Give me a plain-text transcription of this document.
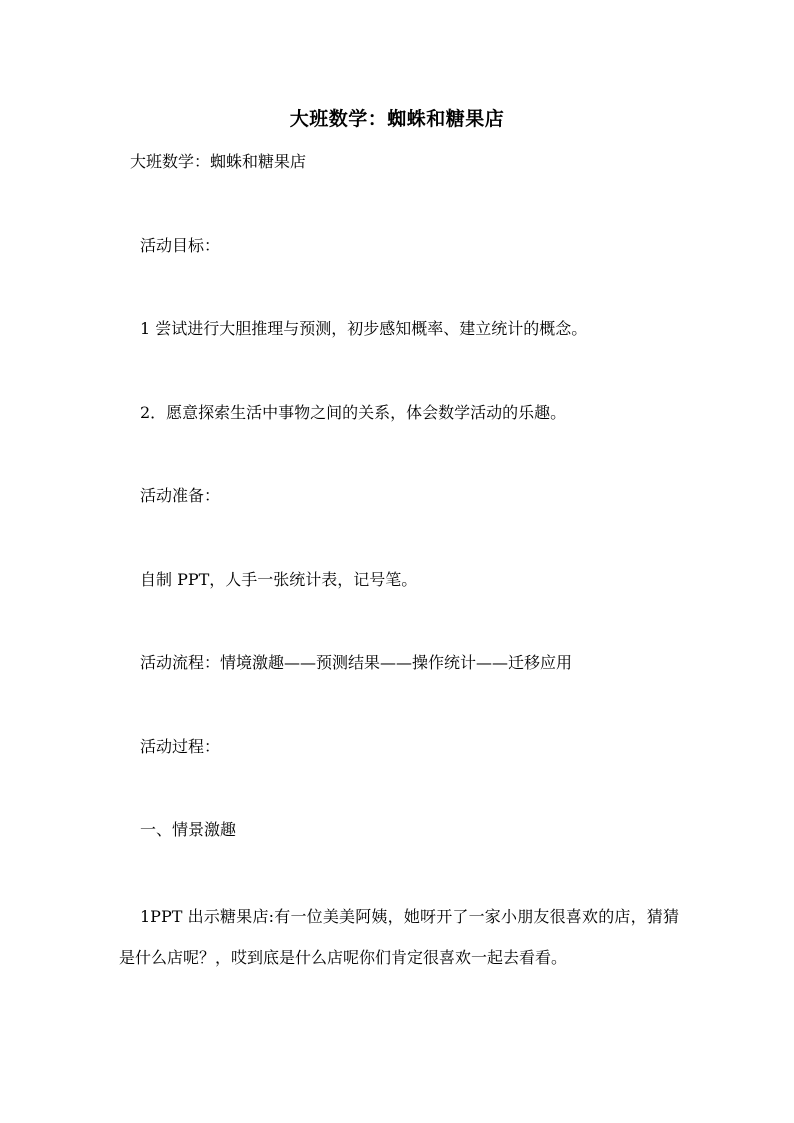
大班数学：蜘蛛和糖果店
大班数学：蜘蛛和糖果店
活动目标：
1 尝试进行大胆推理与预测，初步感知概率、建立统计的概念。
2．愿意探索生活中事物之间的关系，体会数学活动的乐趣。
活动准备：
自制 PPT，人手一张统计表，记号笔。
活动流程：情境激趣——预测结果——操作统计——迁移应用
活动过程：
一、情景激趣
1PPT 出示糖果店:有一位美美阿姨，她呀开了一家小朋友很喜欢的店，猜猜是什么店呢？，哎到底是什么店呢你们肯定很喜欢一起去看看。
